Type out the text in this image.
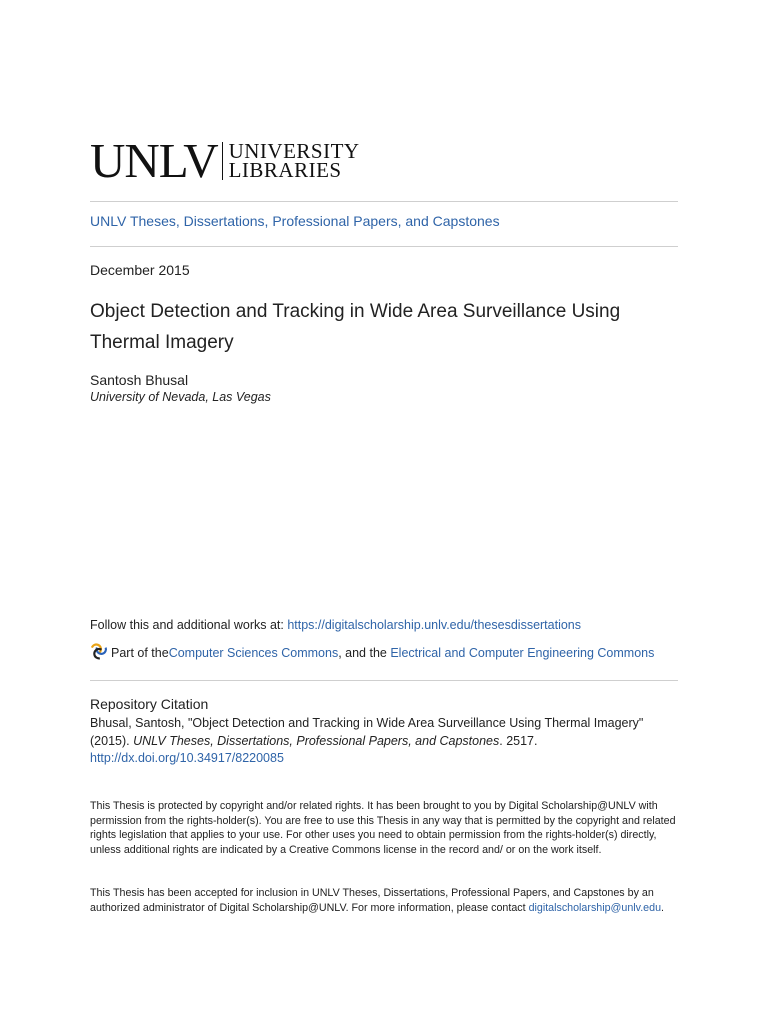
UNLV UNIVERSITY
LIBRARIES
UNLV Theses, Dissertations, Professional Papers, and Capstones
December 2015
Object Detection and Tracking in Wide Area Surveillance Using Thermal Imagery
Santosh Bhusal
University of Nevada, Las Vegas
Follow this and additional works at: https://digitalscholarship.unlv.edu/thesesdissertations
Part of the Computer Sciences Commons , and the Electrical and Computer Engineering Commons
Repository Citation
Bhusal, Santosh, "Object Detection and Tracking in Wide Area Surveillance Using Thermal Imagery"
(2015). UNLV Theses, Dissertations, Professional Papers, and Capstones. 2517.
http://dx.doi.org/10.34917/8220085
This Thesis is protected by copyright and/or related rights. It has been brought to you by Digital Scholarship@UNLV with permission from the rights-holder(s). You are free to use this Thesis in any way that is permitted by the copyright and related rights legislation that applies to your use. For other uses you need to obtain permission from the rights-holder(s) directly, unless additional rights are indicated by a Creative Commons license in the record and/ or on the work itself.
This Thesis has been accepted for inclusion in UNLV Theses, Dissertations, Professional Papers, and Capstones by an authorized administrator of Digital Scholarship@UNLV. For more information, please contact digitalscholarship@unlv.edu.
